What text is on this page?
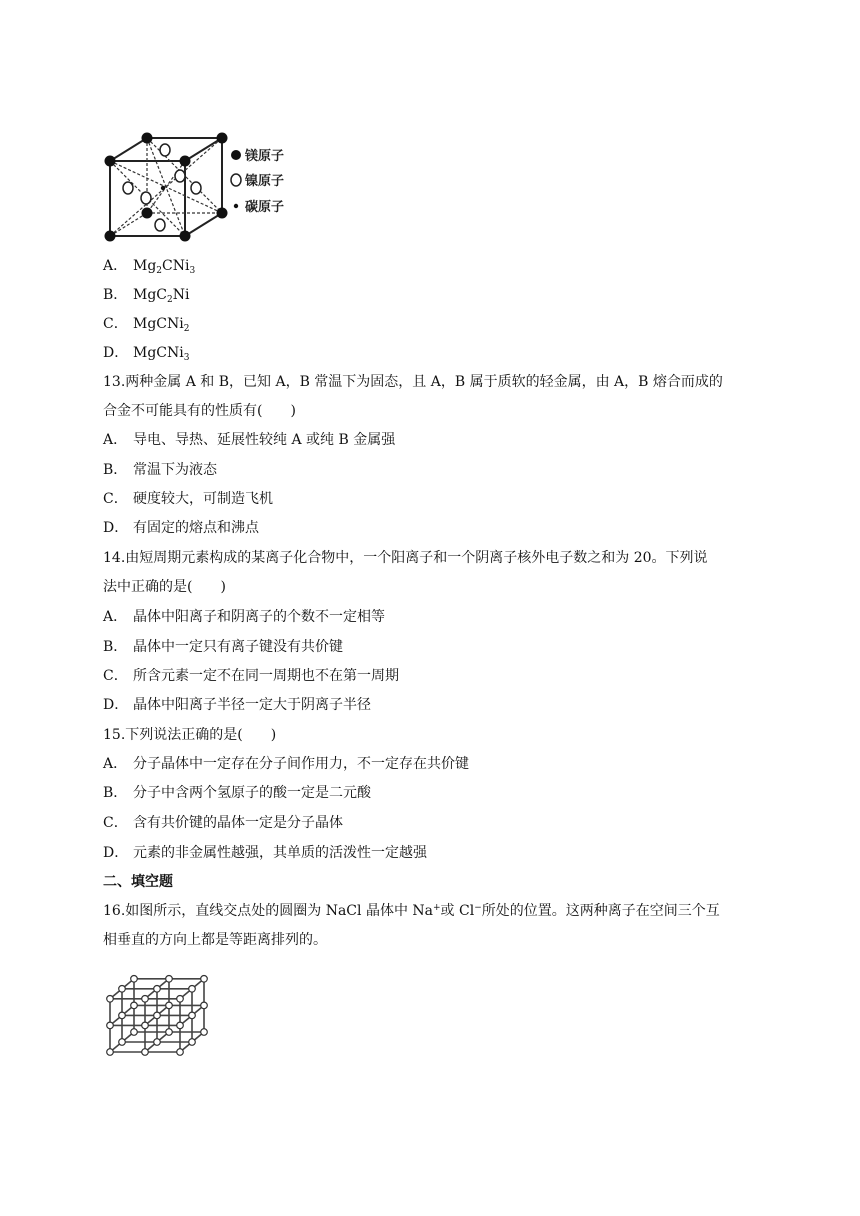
镁原子
镍原子
碳原子
A． $Mg_2CNi_3$
B． MgC$_2$Ni
C． MgCNi$_2$
D． MgCNi$_3$
13.两种金属 A 和 B，已知 A，B 常温下为固态，且 A，B 属于质软的轻金属，由 A，B 熔合而成的
合金不可能具有的性质有(　　)
A． 导电、导热、延展性较纯 A 或纯 B 金属强
B． 常温下为液态
C． 硬度较大，可制造飞机
D． 有固定的熔点和沸点
14.由短周期元素构成的某离子化合物中，一个阳离子和一个阴离子核外电子数之和为 20。下列说
法中正确的是(　　)
A． 晶体中阳离子和阴离子的个数不一定相等
B． 晶体中一定只有离子键没有共价键
C． 所含元素一定不在同一周期也不在第一周期
D． 晶体中阳离子半径一定大于阴离子半径
15.下列说法正确的是(　　)
A． 分子晶体中一定存在分子间作用力，不一定存在共价键
B． 分子中含两个氢原子的酸一定是二元酸
C． 含有共价键的晶体一定是分子晶体
D． 元素的非金属性越强，其单质的活泼性一定越强
二、填空题
16.如图所示，直线交点处的圆圈为 NaCl 晶体中 Na+或 Cl−所处的位置。这两种离子在空间三个互
相垂直的方向上都是等距离排列的。
